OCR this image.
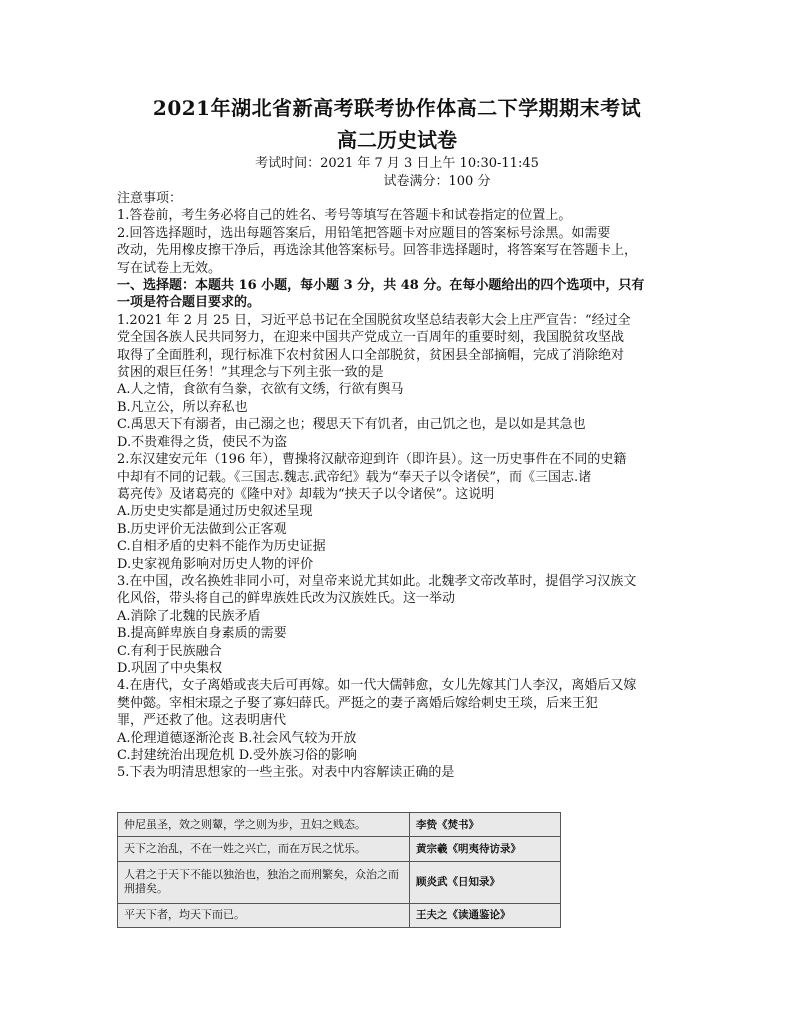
2021年湖北省新高考联考协作体高二下学期期末考试
高二历史试卷
考试时间：2021 年 7 月 3 日上午 10:30-11:45
试卷满分：100 分

注意事项：

1.答卷前，考生务必将自己的姓名、考号等填写在答题卡和试卷指定的位置上。

2.回答选择题时，选出每题答案后，用铅笔把答题卡对应题目的答案标号涂黑。如需要

改动，先用橡皮擦干净后，再选涂其他答案标号。回答非选择题时，将答案写在答题卡上，

写在试卷上无效。

一、选择题：本题共 16 小题，每小题 3 分，共 48 分。在每小题给出的四个选项中，只有

一项是符合题目要求的。

1.2021 年 2 月 25 日，习近平总书记在全国脱贫攻坚总结表彰大会上庄严宣告：“经过全

党全国各族人民共同努力，在迎来中国共产党成立一百周年的重要时刻，我国脱贫攻坚战

取得了全面胜利，现行标准下农村贫困人口全部脱贫，贫困县全部摘帽，完成了消除绝对

贫困的艰巨任务！”其理念与下列主张一致的是

A.人之情，食欲有刍豢，衣欲有文绣，行欲有舆马

B.凡立公，所以弃私也

C.禹思天下有溺者，由己溺之也；稷思天下有饥者，由己饥之也，是以如是其急也

D.不贵难得之货，使民不为盗

2.东汉建安元年（196 年），曹操将汉献帝迎到许（即许县）。这一历史事件在不同的史籍

中却有不同的记载。《三国志.魏志.武帝纪》载为“奉天子以令诸侯”，而《三国志.诸

葛亮传》及诸葛亮的《隆中对》却载为“挟天子以令诸侯”。这说明

A.历史史实都是通过历史叙述呈现

B.历史评价无法做到公正客观

C.自相矛盾的史料不能作为历史证据

D.史家视角影响对历史人物的评价

3.在中国，改名换姓非同小可，对皇帝来说尤其如此。北魏孝文帝改革时，提倡学习汉族文

化风俗，带头将自己的鲜卑族姓氏改为汉族姓氏。这一举动

A.消除了北魏的民族矛盾

B.提高鲜卑族自身素质的需要

C.有利于民族融合

D.巩固了中央集权

4.在唐代，女子离婚或丧夫后可再嫁。如一代大儒韩愈，女儿先嫁其门人李汉，离婚后又嫁

樊仲懿。宰相宋璟之子娶了寡妇薛氏。严挺之的妻子离婚后嫁给刺史王琰，后来王犯

罪，严还救了他。这表明唐代

A.伦理道德逐渐沦丧 B.社会风气较为开放

C.封建统治出现危机 D.受外族习俗的影响

5.下表为明清思想家的一些主张。对表中内容解读正确的是

仲尼虽圣，效之则颦，学之则为步，丑妇之贱态。	李贽《焚书》
天下之治乱，不在一姓之兴亡，而在万民之忧乐。	黄宗羲《明夷待访录》
人君之于天下不能以独治也，独治之而刑繁矣，众治之而刑措矣。	顾炎武《日知录》
平天下者，均天下而已。	王夫之《读通鉴论》
